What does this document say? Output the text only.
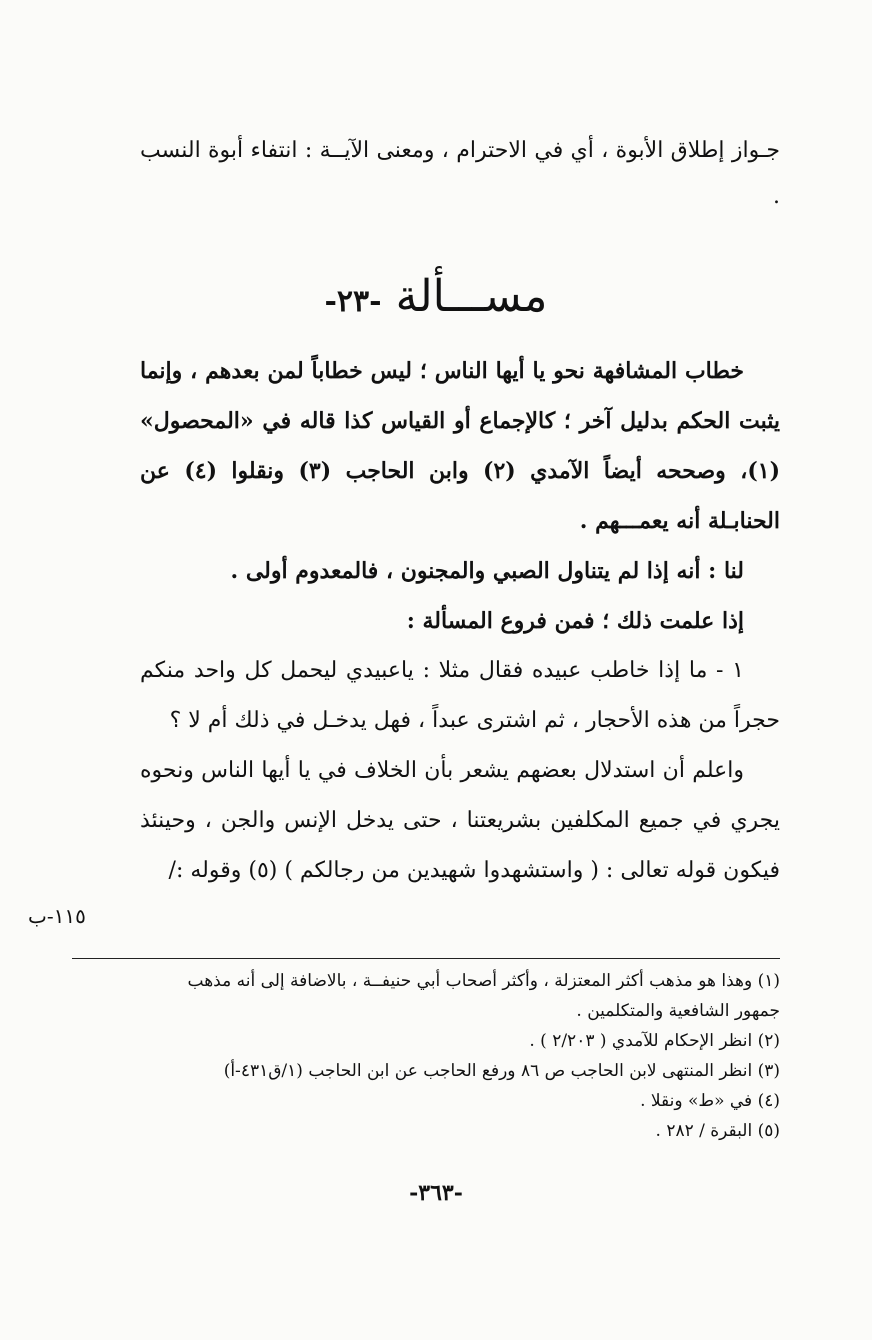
جـواز إطلاق الأبوة ، أي في الاحترام ، ومعنى الآيــة : انتفاء أبوة النسب .

مســـألة -٢٣-

خطاب المشافهة نحو يا أيها الناس ؛ ليس خطاباً لمن بعدهم ، وإنما يثبت الحكم بدليل آخر ؛ كالإجماع أو القياس كذا قاله في «المحصول» (١)، وصححه أيضاً الآمدي (٢) وابن الحاجب (٣) ونقلوا (٤) عن الحنابـلة أنه يعمـــهم .

لنا : أنه إذا لم يتناول الصبي والمجنون ، فالمعدوم أولى .

إذا علمت ذلك ؛ فمن فروع المسألة :

١ - ما إذا خاطب عبيده فقال مثلا : ياعبيدي ليحمل كل واحد منكم حجراً من هذه الأحجار ، ثم اشترى عبداً ، فهل يدخـل في ذلك أم لا ؟

واعلم أن استدلال بعضهم يشعر بأن الخلاف في يا أيها الناس ونحوه يجري في جميع المكلفين بشريعتنا ، حتى يدخل الإنس والجن ، وحينئذ فيكون قوله تعالى : ( واستشهدوا شهيدين من رجالكم ) (٥) وقوله :/

١١٥-ب

(١) وهذا هو مذهب أكثر المعتزلة ، وأكثر أصحاب أبي حنيفــة ، بالاضافة إلى أنه مذهب جمهور الشافعية والمتكلمين .

(٢) انظر الإحكام للآمدي ( ٢/٢٠٣ ) .

(٣) انظر المنتهى لابن الحاجب ص ٨٦ ورفع الحاجب عن ابن الحاجب (١/ق٤٣١-أ)

(٤) في «ط» ونقلا .

(٥) البقرة / ٢٨٢ .

-٣٦٣-
